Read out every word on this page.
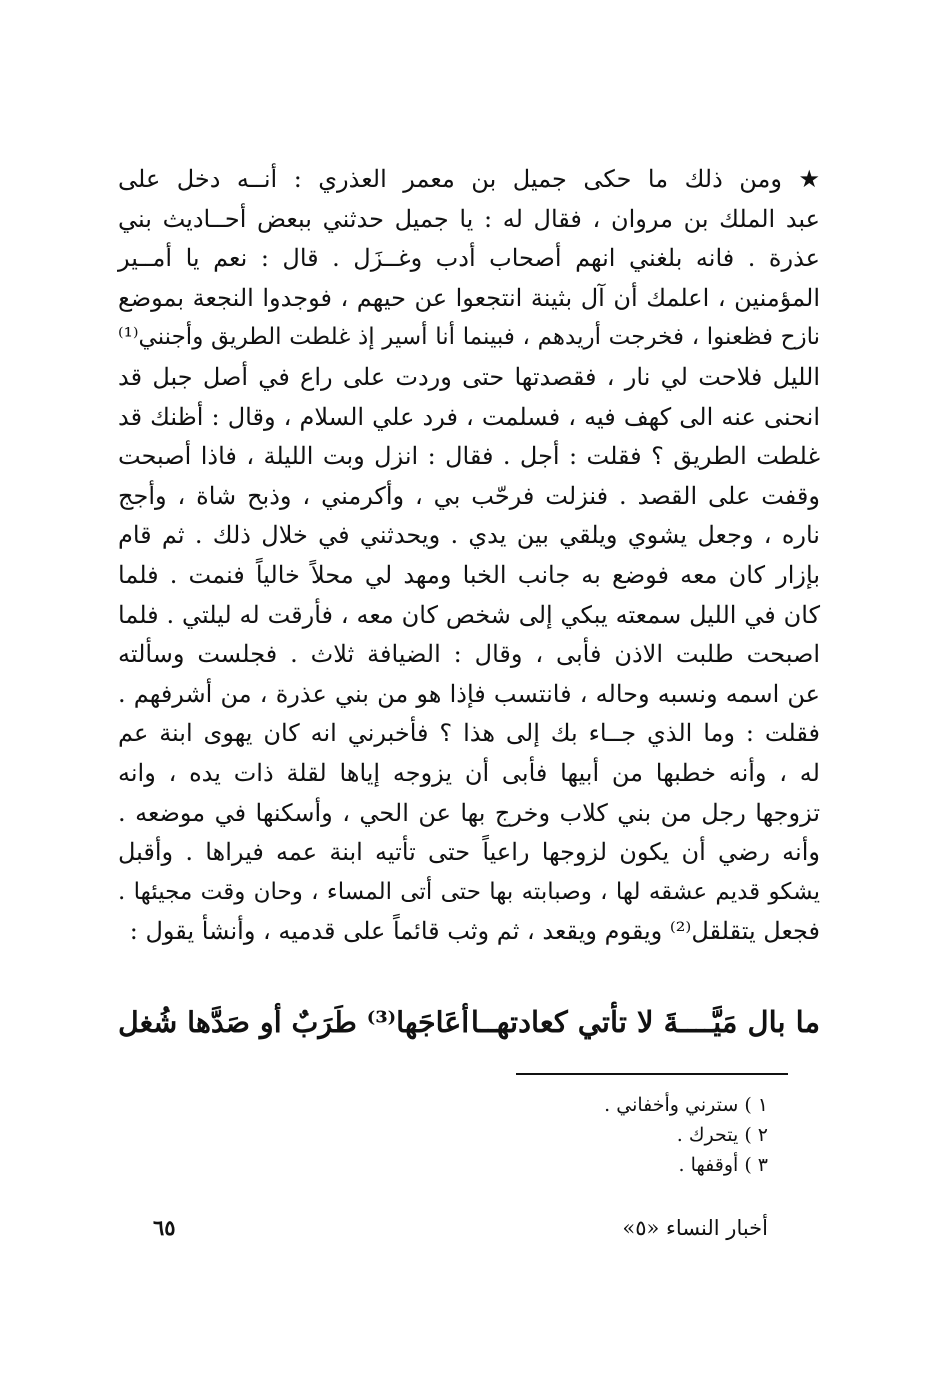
★ ومن ذلك ما حكى جميل بن معمر العذري : أنــه دخل على
عبد الملك بن مروان ، فقال له : يا جميل حدثني ببعض أحــاديث بني
عذرة . فانه بلغني انهم أصحاب أدب وغــزَل . قال : نعم يا أمــير
المؤمنين ، اعلمك أن آل بثينة انتجعوا عن حيهم ، فوجدوا النجعة بموضع
نازح فظعنوا ، فخرجت أريدهم ، فبينما أنا أسير إذ غلطت الطريق وأجنني⁽¹⁾
الليل فلاحت لي نار ، فقصدتها حتى وردت على راع في أصل جبل قد
انحنى عنه الى كهف فيه ، فسلمت ، فرد علي السلام ، وقال : أظنك قد
غلطت الطريق ؟ فقلت : أجل . فقال : انزل وبت الليلة ، فاذا أصبحت
وقفت على القصد . فنزلت فرحّب بي ، وأكرمني ، وذبح شاة ، وأجج
ناره ، وجعل يشوي ويلقي بين يدي . ويحدثني في خلال ذلك . ثم قام
بإزار كان معه فوضع به جانب الخبا ومهد لي محلاً خالياً فنمت . فلما
كان في الليل سمعته يبكي إلى شخص كان معه ، فأرقت له ليلتي . فلما
اصبحت طلبت الاذن فأبى ، وقال : الضيافة ثلاث . فجلست وسألته
عن اسمه ونسبه وحاله ، فانتسب فإذا هو من بني عذرة ، من أشرفهم .
فقلت : وما الذي جــاء بك إلى هذا ؟ فأخبرني انه كان يهوى ابنة عم
له ، وأنه خطبها من أبيها فأبى أن يزوجه إياها لقلة ذات يده ، وانه
تزوجها رجل من بني كلاب وخرج بها عن الحي ، وأسكنها في موضعه .
وأنه رضي أن يكون لزوجها راعياً حتى تأتيه ابنة عمه فيراها . وأقبل
يشكو قديم عشقه لها ، وصبابته بها حتى أتى المساء ، وحان وقت مجيئها .
فجعل يتقلقل⁽²⁾ ويقوم ويقعد ، ثم وثب قائماً على قدميه ، وأنشأ يقول :
ما بال مَيَّــــةَ لا تأتي كعادتهــا
أعَاجَها⁽³⁾ طَرَبٌ أو صَدَّها شُغل
١ ) سترني وأخفاني .
٢ ) يتحرك .
٣ ) أوقفها .
أخبار النساء «٥»
٦٥
